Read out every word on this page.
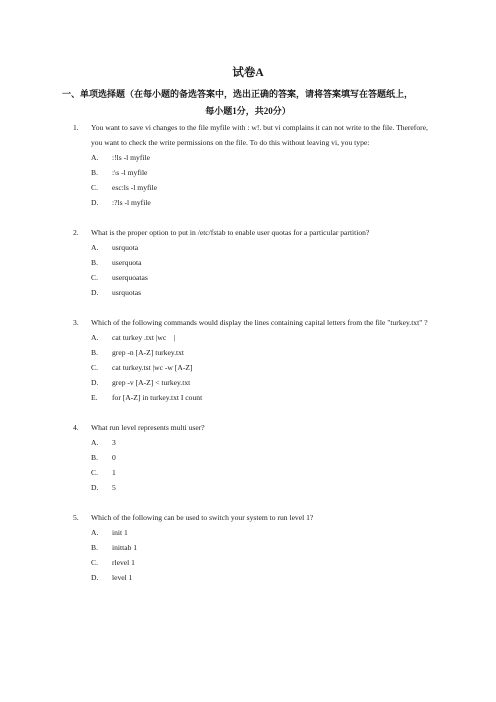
试卷A
一、单项选择题（在每小题的备选答案中，选出正确的答案，请将答案填写在答题纸上，
每小题1分，共20分）
1.	You want to save vi changes to the file myfile with : w!. but vi complains it can not write to the file. Therefore, you want to check the write permissions on the file. To do this without leaving vi, you type:
A.	:!ls -l myfile
B.	:\s -l myfile
C.	esc:ls -l myfile
D.	:?ls -l myfile
2.	What is the proper option to put in /etc/fstab to enable user quotas for a particular partition?
A.	usrquota
B.	userquota
C.	userquoatas
D.	usrquotas
3.	Which of the following commands would display the lines containing capital letters from the file "turkey.txt" ?
A.	cat turkey .txt |wc　|
B.	grep -n [A-Z] turkey.txt
C.	cat turkey.tst |wc -w [A-Z]
D.	grep -v [A-Z] < turkey.txt
E.	for [A-Z] in turkey.txt I count
4.	What run level represents multi user?
A.	3
B.	0
C.	1
D.	5
5.	Which of the following can be used to switch your system to run level 1?
A.	init 1
B.	inittab 1
C.	rlevel 1
D.	level 1
